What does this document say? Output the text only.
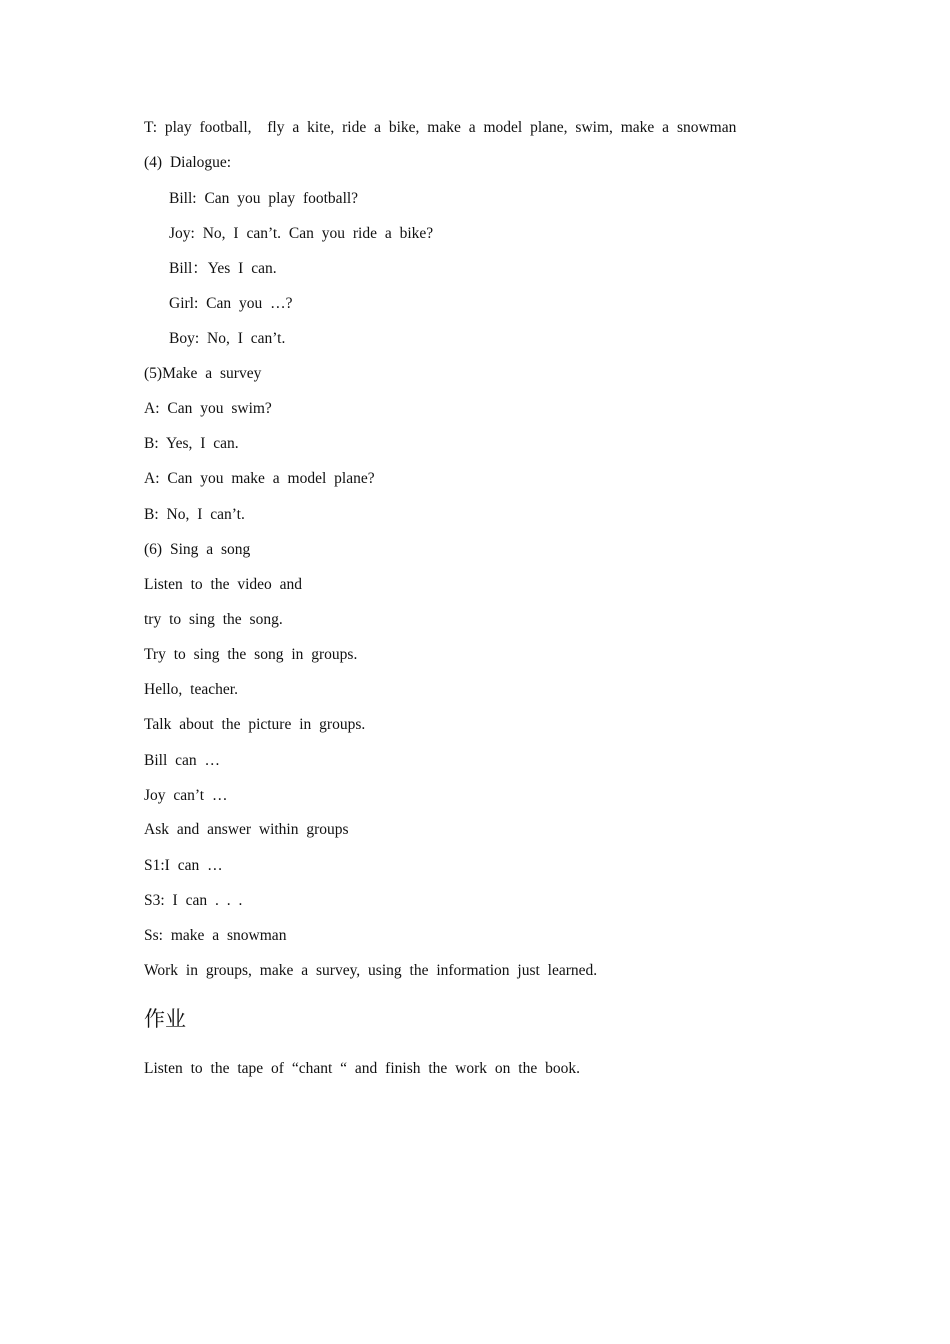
T: play football,  fly a kite, ride a bike, make a model plane, swim, make a snowman
(4) Dialogue:
Bill: Can you play football?
Joy: No, I can’t. Can you ride a bike?
Bill：Yes I can.
Girl: Can you …?
Boy: No, I can’t.
(5)Make a survey
A: Can you swim?
B: Yes, I can.
A: Can you make a model plane?
B: No, I can’t.
(6) Sing a song
Listen to the video and
try to sing the song.
Try to sing the song in groups.
Hello, teacher.
Talk about the picture in groups.
Bill can …
Joy can’t …
Ask and answer within groups
S1:I can …
S3: I can . . .
Ss: make a snowman
Work in groups, make a survey, using the information just learned.
作业
Listen to the tape of “chant “ and finish the work on the book.
